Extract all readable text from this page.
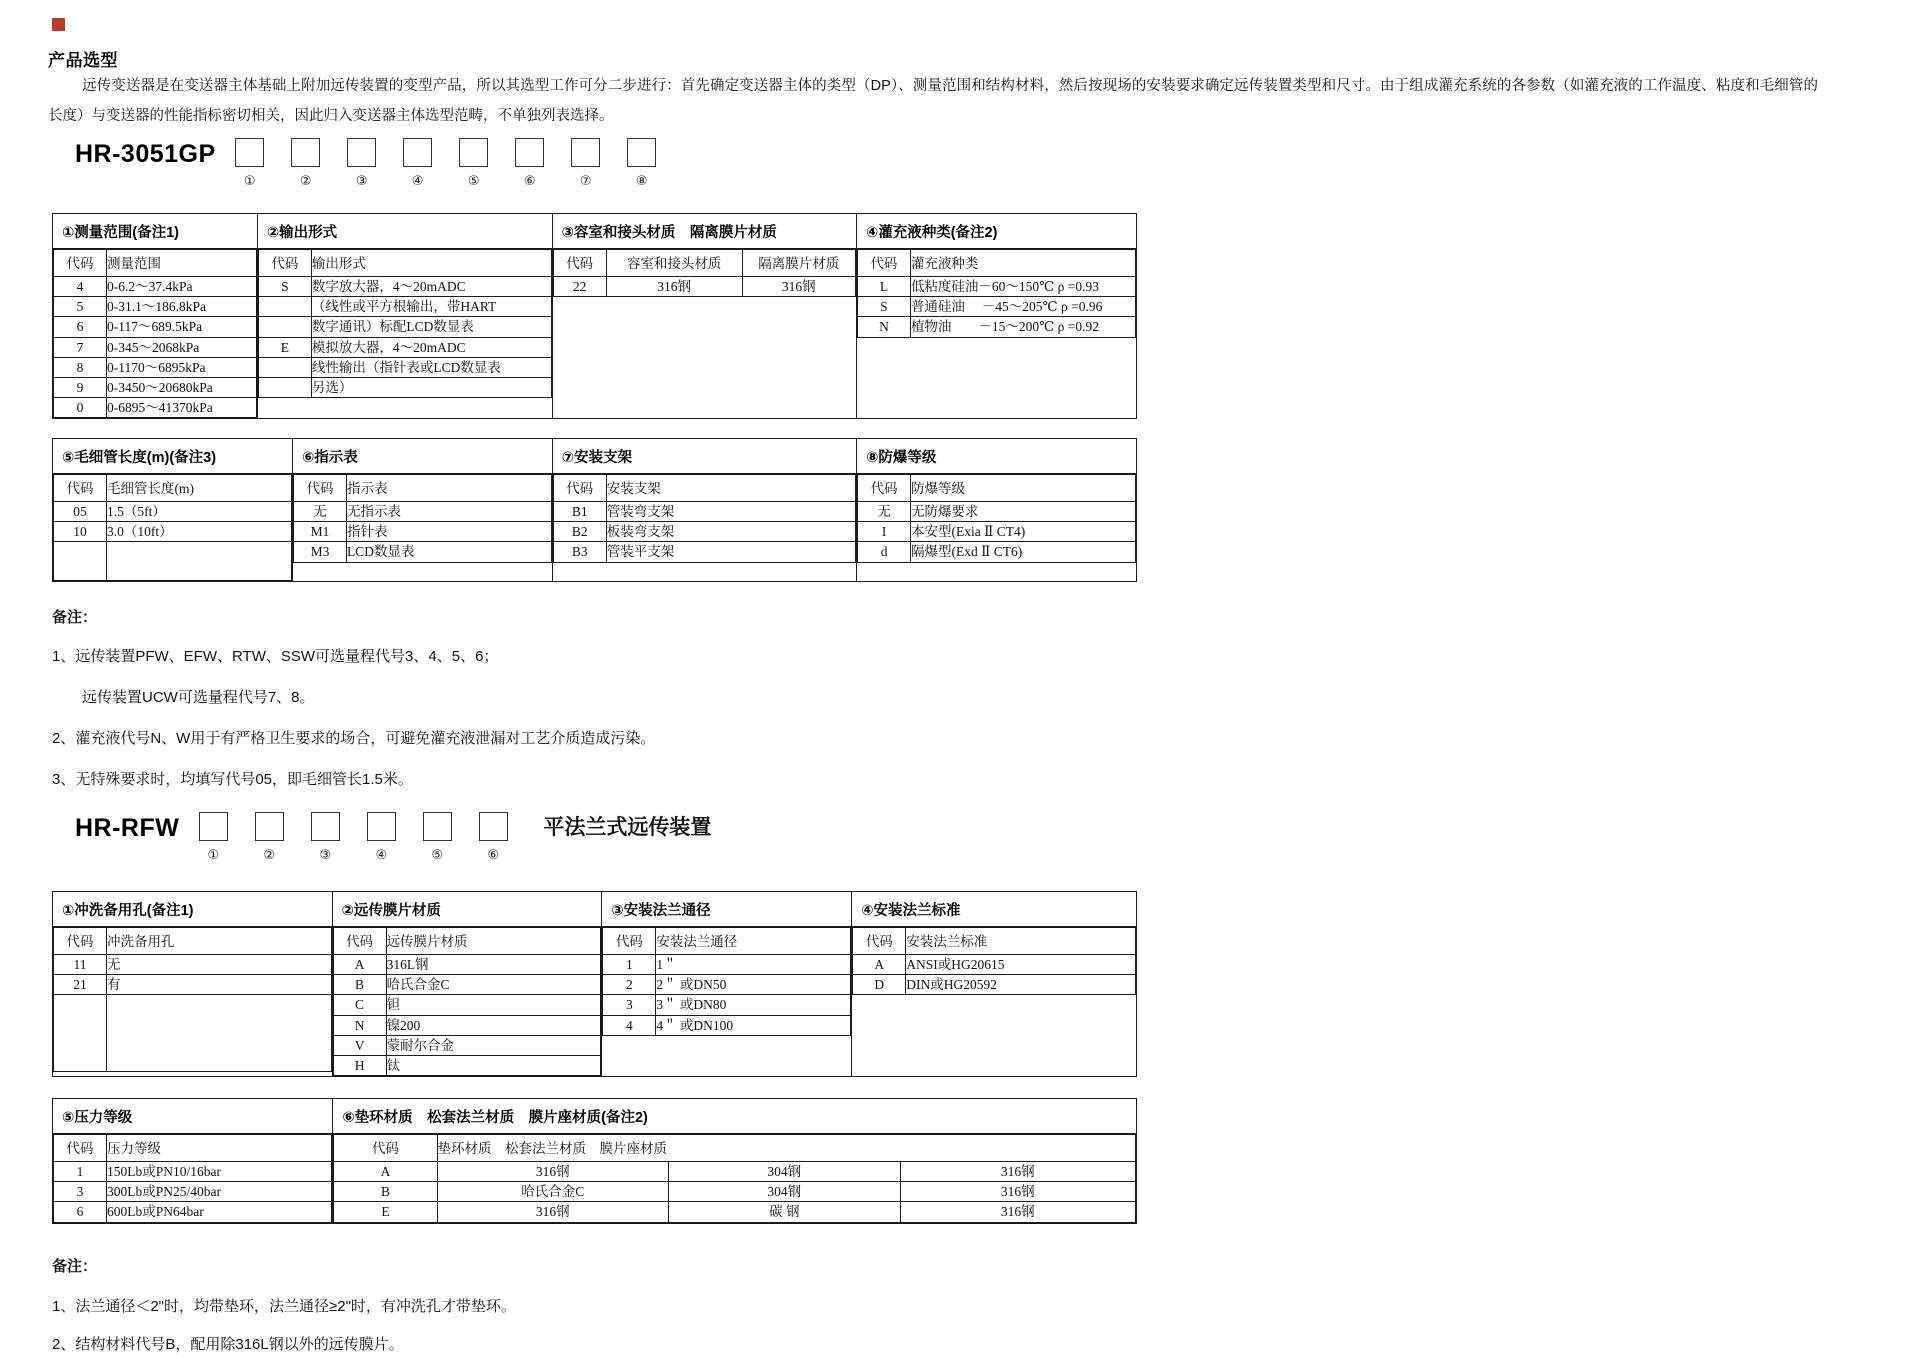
产品选型
远传变送器是在变送器主体基础上附加远传装置的变型产品，所以其选型工作可分二步进行：首先确定变送器主体的类型（DP）、测量范围和结构材料，然后按现场的安装要求确定远传装置类型和尺寸。由于组成灌充系统的各参数（如灌充液的工作温度、粘度和毛细管的长度）与变送器的性能指标密切相关，因此归入变送器主体选型范畴，不单独列表选择。
HR-3051GP
①	②	③	④	⑤	⑥	⑦	⑧
①测量范围(备注1)	②输出形式	③容室和接头材质　隔离膜片材质	④灌充液种类(备注2)

代码	测量范围
4	0-6.2～37.4kPa
5	0-31.1～186.8kPa
6	0-117～689.5kPa
7	0-345～2068kPa
8	0-1170～6895kPa
9	0-3450～20680kPa
0	0-6895～41370kPa

代码	输出形式
S	数字放大器，4～20mADC
	（线性或平方根输出，带HART
	数字通讯）标配LCD数显表
E	模拟放大器，4～20mADC
	线性输出（指针表或LCD数显表
	另选）

代码	容室和接头材质	隔离膜片材质
22	316钢	316钢

代码	灌充液种类
L	低粘度硅油－60～150℃ ρ =0.93
S	普通硅油　 －45～205℃ ρ =0.96
N	植物油　　－15～200℃ ρ =0.92
⑤毛细管长度(m)(备注3)	⑥指示表	⑦安装支架	⑧防爆等级

代码	毛细管长度(m)
05	1.5（5ft）
10	3.0（10ft）

代码	指示表
无	无指示表
M1	指针表
M3	LCD数显表

代码	安装支架
B1	管装弯支架
B2	板装弯支架
B3	管装平支架

代码	防爆等级
无	无防爆要求
I	本安型(Exia Ⅱ CT4)
d	隔爆型(Exd Ⅱ CT6)
备注：
1、远传装置PFW、EFW、RTW、SSW可选量程代号3、4、5、6；
远传装置UCW可选量程代号7、8。
2、灌充液代号N、W用于有严格卫生要求的场合，可避免灌充液泄漏对工艺介质造成污染。
3、无特殊要求时，均填写代号05，即毛细管长1.5米。
HR-RFW
①	②	③	④	⑤	⑥
平法兰式远传装置
①冲洗备用孔(备注1)	②远传膜片材质	③安装法兰通径	④安装法兰标准

代码	冲洗备用孔
11	无
21	有

代码	远传膜片材质
A	316L钢
B	哈氏合金C
C	钽
N	镍200
V	蒙耐尔合金
H	钛

代码	安装法兰通径
1	1＂
2	2＂ 或DN50
3	3＂ 或DN80
4	4＂ 或DN100

代码	安装法兰标准
A	ANSI或HG20615
D	DIN或HG20592
⑤压力等级	⑥垫环材质　松套法兰材质　膜片座材质(备注2)

代码	压力等级
1	150Lb或PN10/16bar
3	300Lb或PN25/40bar
6	600Lb或PN64bar

代码	垫环材质　松套法兰材质　膜片座材质
A	316钢	304钢	316钢
B	哈氏合金C	304钢	316钢
E	316钢	碳 钢	316钢
备注：
1、法兰通径＜2"时，均带垫环，法兰通径≥2"时，有冲洗孔才带垫环。
2、结构材料代号B，配用除316L钢以外的远传膜片。
